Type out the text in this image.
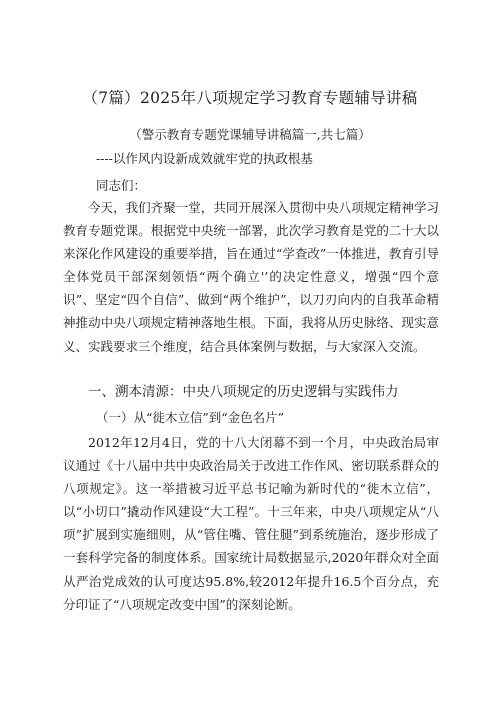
（7篇）2025年八项规定学习教育专题辅导讲稿
（警示教育专题党课辅导讲稿篇一,共七篇）
----以作风内设新成效就牢党的执政根基
同志们：

今天，我们齐聚一堂，共同开展深入贯彻中央八项规定精神学习教育专题党课。根据党中央统一部署，此次学习教育是党的二十大以来深化作风建设的重要举措，旨在通过“学查改”一体推进，教育引导全体党员干部深刻领悟“两个确立'’的决定性意义，增强“四个意识”、坚定“四个自信”、做到“两个维护”，以刀刃向内的自我革命精神推动中央八项规定精神落地生根。下面，我将从历史脉络、现实意义、实践要求三个维度，结合具体案例与数据，与大家深入交流。

一、溯本清源：中央八项规定的历史逻辑与实践伟力
（一）从“徙木立信”到“金色名片”

2012年12月4日，党的十八大闭幕不到一个月，中央政治局审议通过《十八届中共中央政治局关于改进工作作风、密切联系群众的八项规定》。这一举措被习近平总书记喻为新时代的“徙木立信”，以“小切口”撬动作风建设“大工程”。十三年来，中央八项规定从“八项”扩展到实施细则，从“管住嘴、管住腿”到系统施治，逐步形成了一套科学完备的制度体系。国家统计局数据显示,2020年群众对全面从严治党成效的认可度达95.8%,较2012年提升16.5个百分点，充分印证了“八项规定改变中国”的深刻论断。
